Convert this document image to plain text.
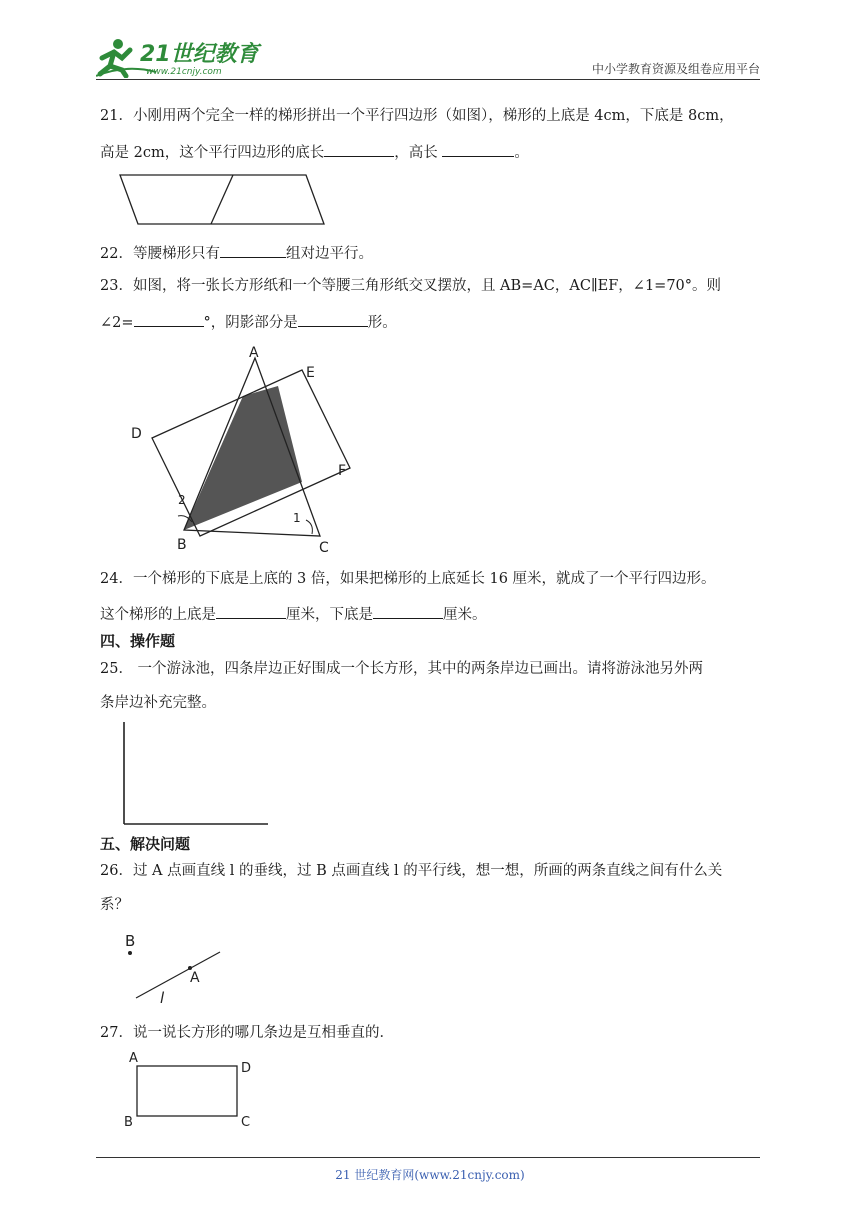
21世纪教育
www.21cnjy.com	中小学教育资源及组卷应用平台
21．小刚用两个完全一样的梯形拼出一个平行四边形（如图），梯形的上底是 4cm，下底是 8cm，
高是 2cm，这个平行四边形的底长	，高长	。
22．等腰梯形只有	组对边平行。
23．如图，将一张长方形纸和一个等腰三角形纸交叉摆放，且 AB=AC，AC∥EF，∠1=70°。则
∠2=	°，阴影部分是	形。
A
E
D
F
B	C
1
2
24．一个梯形的下底是上底的 3 倍，如果把梯形的上底延长 16 厘米，就成了一个平行四边形。
这个梯形的上底是	厘米，下底是	厘米。
四、操作题
25． 一个游泳池，四条岸边正好围成一个长方形，其中的两条岸边已画出。请将游泳池另外两
条岸边补充完整。
五、解决问题
26．过 A 点画直线 l 的垂线，过 B 点画直线 l 的平行线，想一想，所画的两条直线之间有什么关
系？
B
A
l
27．说一说长方形的哪几条边是互相垂直的．
A
D
B	C
21 世纪教育网(www.21cnjy.com)
